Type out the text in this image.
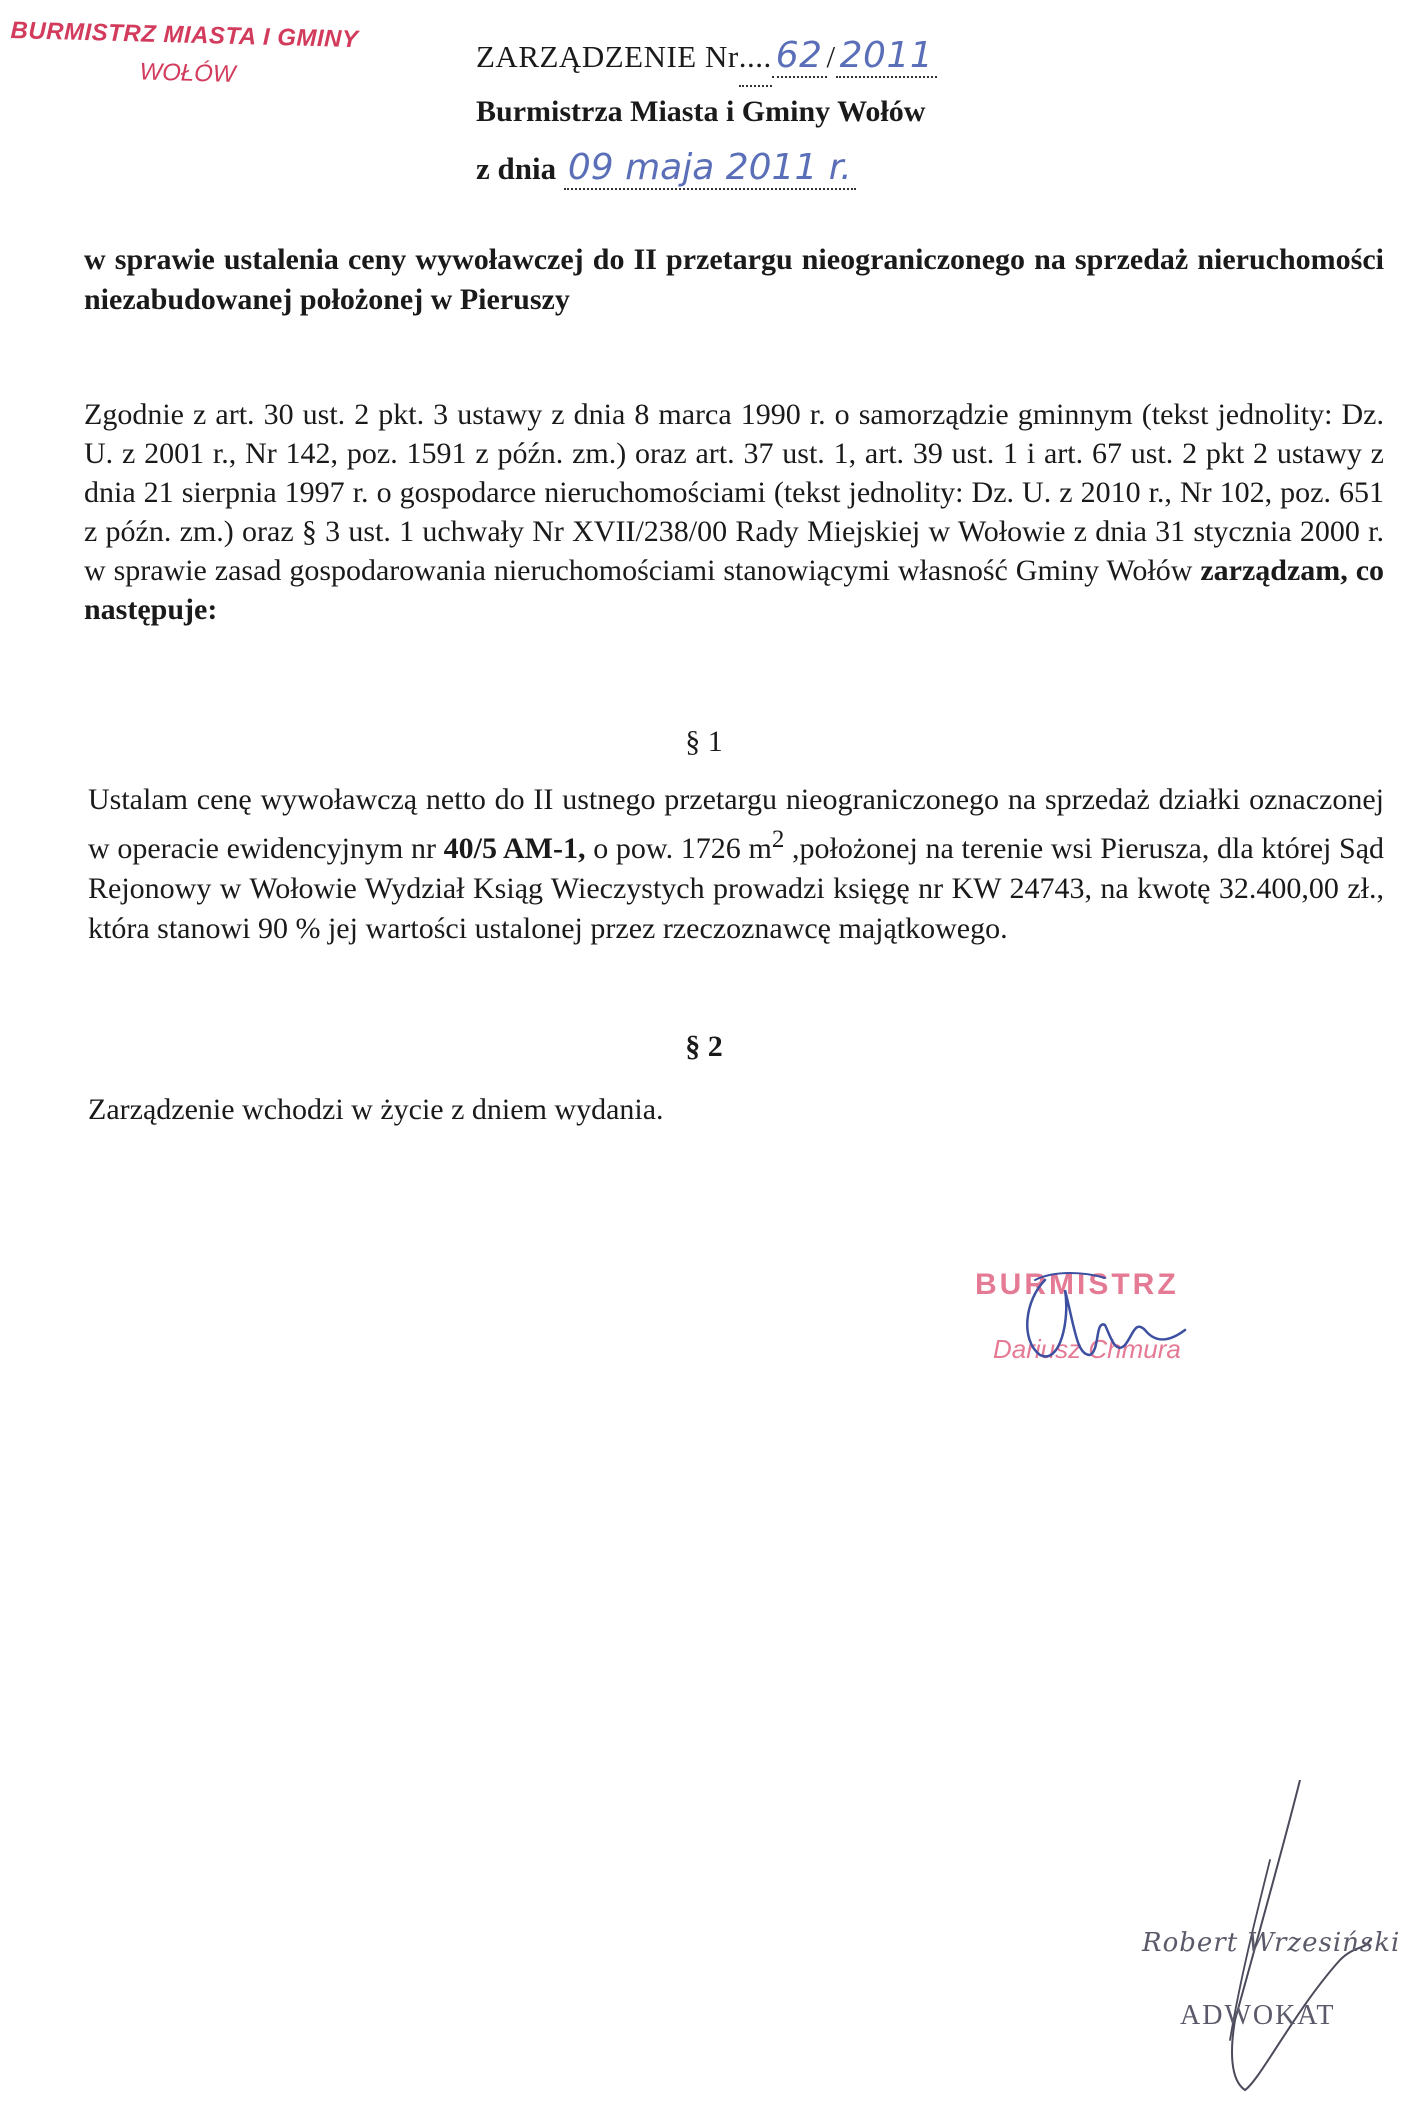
BURMISTRZ MIASTA I GMINY
WOŁÓW	ZARZĄDZENIE Nr.... 62 / 2011
Burmistrza Miasta i Gminy Wołów
z dnia 09 maja 2011 r.
w sprawie ustalenia ceny wywoławczej do II przetargu nieograniczonego na sprzedaż nieruchomości niezabudowanej położonej w Pieruszy
Zgodnie z art. 30 ust. 2 pkt. 3 ustawy z dnia 8 marca 1990 r. o samorządzie gminnym (tekst jednolity: Dz. U. z 2001 r., Nr 142, poz. 1591 z późn. zm.) oraz art. 37 ust. 1, art. 39 ust. 1 i art. 67 ust. 2 pkt 2 ustawy z dnia 21 sierpnia 1997 r. o gospodarce nieruchomościami (tekst jednolity: Dz. U. z 2010 r., Nr 102, poz. 651 z późn. zm.) oraz § 3 ust. 1 uchwały Nr XVII/238/00 Rady Miejskiej w Wołowie z dnia 31 stycznia 2000 r. w sprawie zasad gospodarowania nieruchomościami stanowiącymi własność Gminy Wołów zarządzam, co następuje:
§ 1
Ustalam cenę wywoławczą netto do II ustnego przetargu nieograniczonego na sprzedaż działki oznaczonej w operacie ewidencyjnym nr 40/5 AM-1, o pow. 1726 $m^2$ ,położonej na terenie wsi Pierusza, dla której Sąd Rejonowy w Wołowie Wydział Ksiąg Wieczystych prowadzi księgę nr KW 24743, na kwotę 32.400,00 zł., która stanowi 90 % jej wartości ustalonej przez rzeczoznawcę majątkowego.
§ 2
Zarządzenie wchodzi w życie z dniem wydania.
BURMISTRZ
Dariusz Chmura
Robert Wrzesiński
ADWOKAT
